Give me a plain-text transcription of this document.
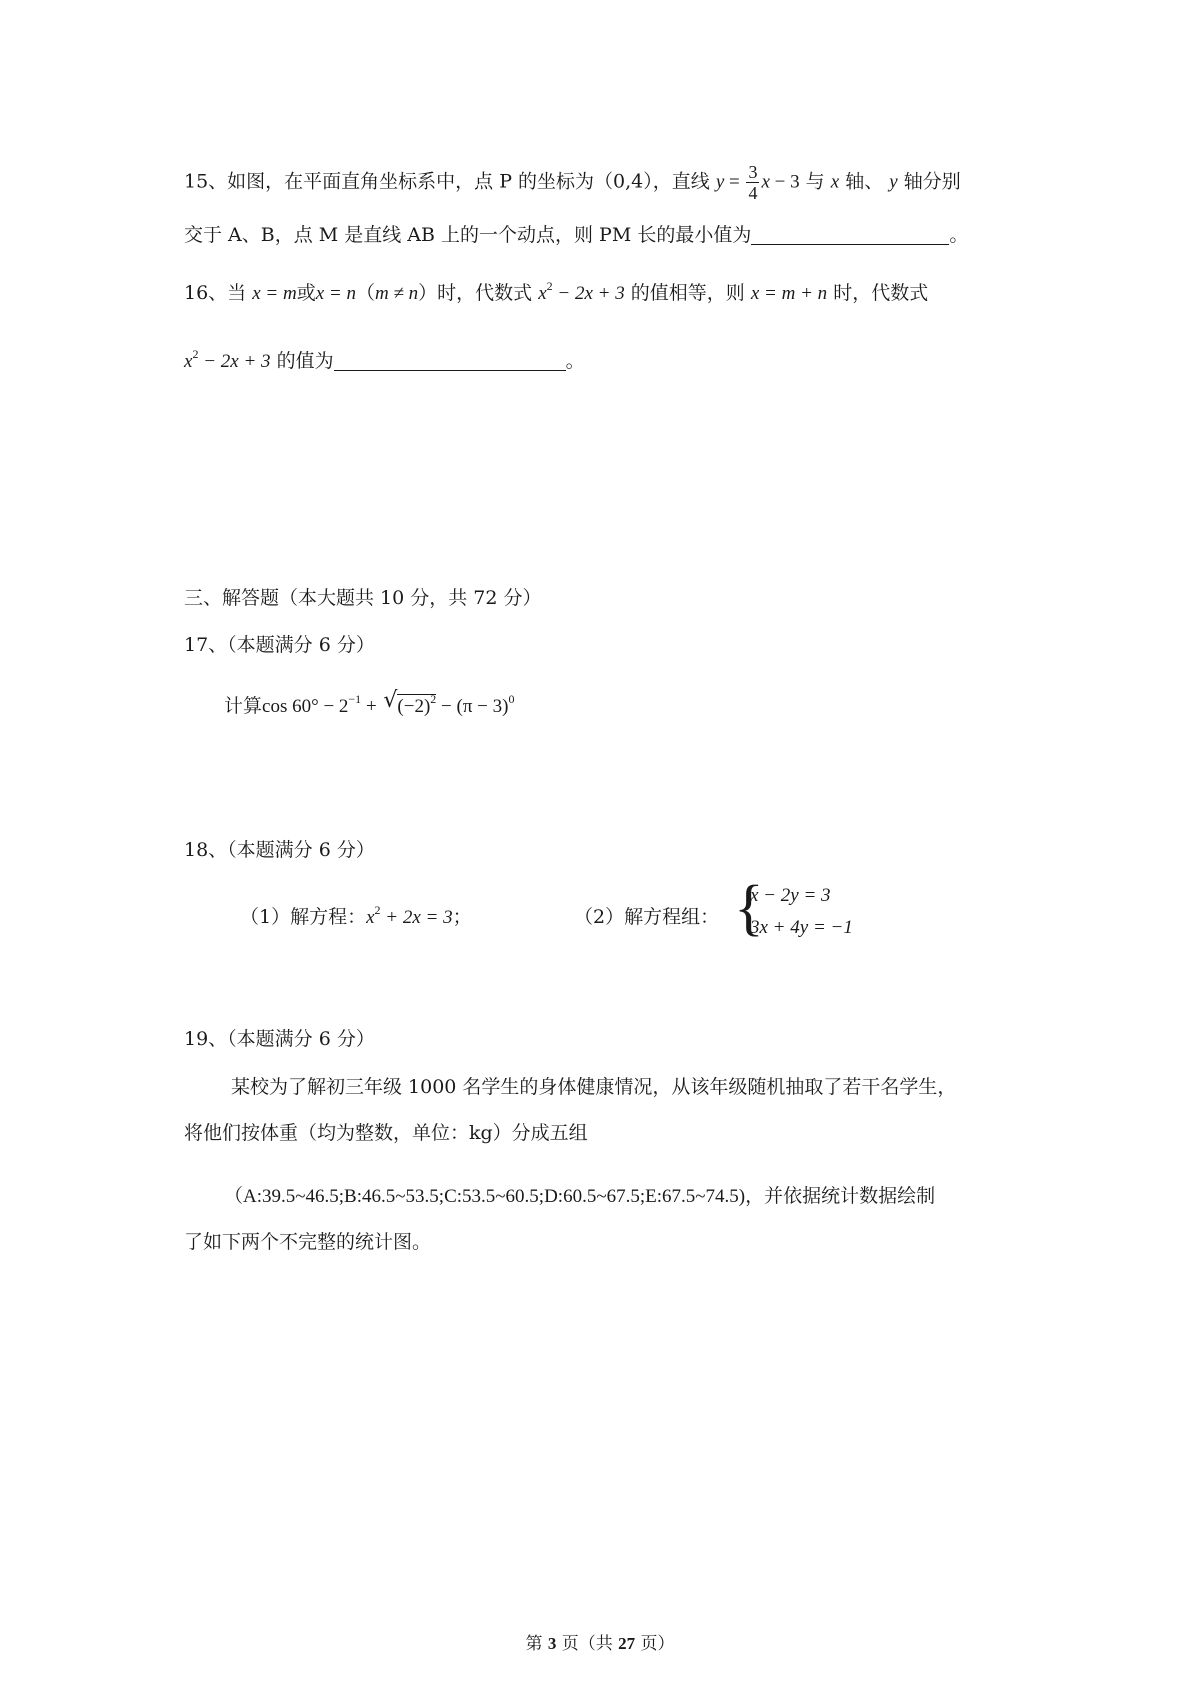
15、如图，在平面直角坐标系中，点 P 的坐标为（0,4），直线 $y = \frac{3}{4}$ x − 3 与 x 轴、 y 轴分别
交于 A、B，点 M 是直线 AB 上的一个动点，则 PM 长的最小值为	。
16、当 x = m或x = n（m ≠ n）时，代数式 $x^2 - 2x + 3$ 的值相等，则 x = m + n 时，代数式
$x^2 - 2x + 3$ 的值为	。
三、解答题（本大题共 10 分，共 72 分）
17、（本题满分 6 分）
计算$\cos 60^\circ - 2^{-1}$ + √ $(-2)^2 - (\pi - 3)^0$
18、（本题满分 6 分）
（1）解方程：$x^2 + 2x = 3$；	（2）解方程组： {
x − 2y = 3
3x + 4y = −1
19、（本题满分 6 分）
某校为了解初三年级 1000 名学生的身体健康情况，从该年级随机抽取了若干名学生，
将他们按体重（均为整数，单位：kg）分成五组
（A:39.5~46.5;B:46.5~53.5;C:53.5~60.5;D:60.5~67.5;E:67.5~74.5)，并依据统计数据绘制
了如下两个不完整的统计图。
第 3 页（共 27 页）
